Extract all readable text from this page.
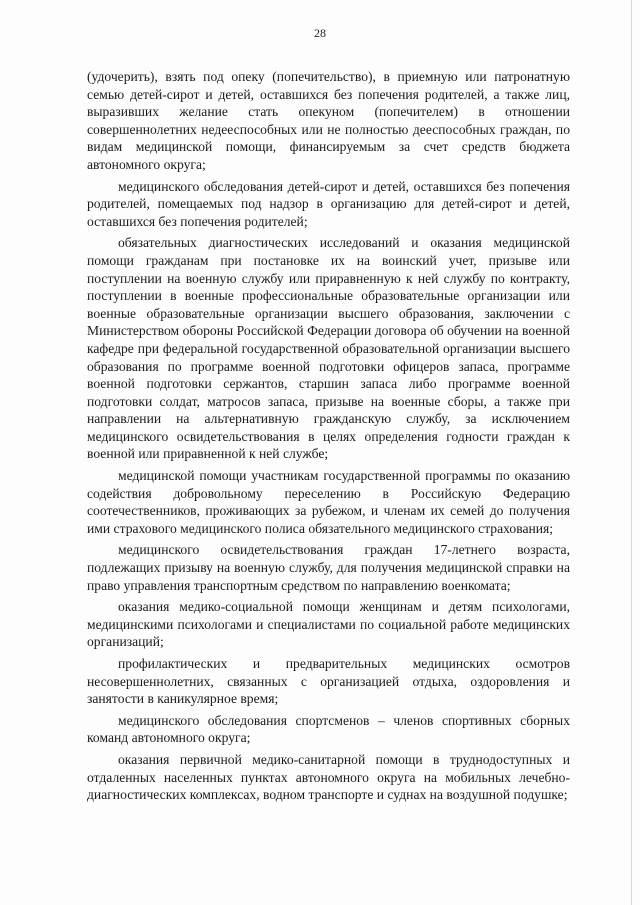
28

(удочерить), взять под опеку (попечительство), в приемную или патронатную семью детей-сирот и детей, оставшихся без попечения родителей, а также лиц, выразивших желание стать опекуном (попечителем) в отношении совершеннолетних недееспособных или не полностью дееспособных граждан, по видам медицинской помощи, финансируемым за счет средств бюджета автономного округа;

медицинского обследования детей-сирот и детей, оставшихся без попечения родителей, помещаемых под надзор в организацию для детей-сирот и детей, оставшихся без попечения родителей;

обязательных диагностических исследований и оказания медицинской помощи гражданам при постановке их на воинский учет, призыве или поступлении на военную службу или приравненную к ней службу по контракту, поступлении в военные профессиональные образовательные организации или военные образовательные организации высшего образования, заключении с Министерством обороны Российской Федерации договора об обучении на военной кафедре при федеральной государственной образовательной организации высшего образования по программе военной подготовки офицеров запаса, программе военной подготовки сержантов, старшин запаса либо программе военной подготовки солдат, матросов запаса, призыве на военные сборы, а также при направлении на альтернативную гражданскую службу, за исключением медицинского освидетельствования в целях определения годности граждан к военной или приравненной к ней службе;

медицинской помощи участникам государственной программы по оказанию содействия добровольному переселению в Российскую Федерацию соотечественников, проживающих за рубежом, и членам их семей до получения ими страхового медицинского полиса обязательного медицинского страхования;

медицинского освидетельствования граждан 17-летнего возраста, подлежащих призыву на военную службу, для получения медицинской справки на право управления транспортным средством по направлению военкомата;

оказания медико-социальной помощи женщинам и детям психологами, медицинскими психологами и специалистами по социальной работе медицинских организаций;

профилактических и предварительных медицинских осмотров несовершеннолетних, связанных с организацией отдыха, оздоровления и занятости в каникулярное время;

медицинского обследования спортсменов – членов спортивных сборных команд автономного округа;

оказания первичной медико-санитарной помощи в труднодоступных и отдаленных населенных пунктах автономного округа на мобильных лечебно-диагностических комплексах, водном транспорте и суднах на воздушной подушке;
